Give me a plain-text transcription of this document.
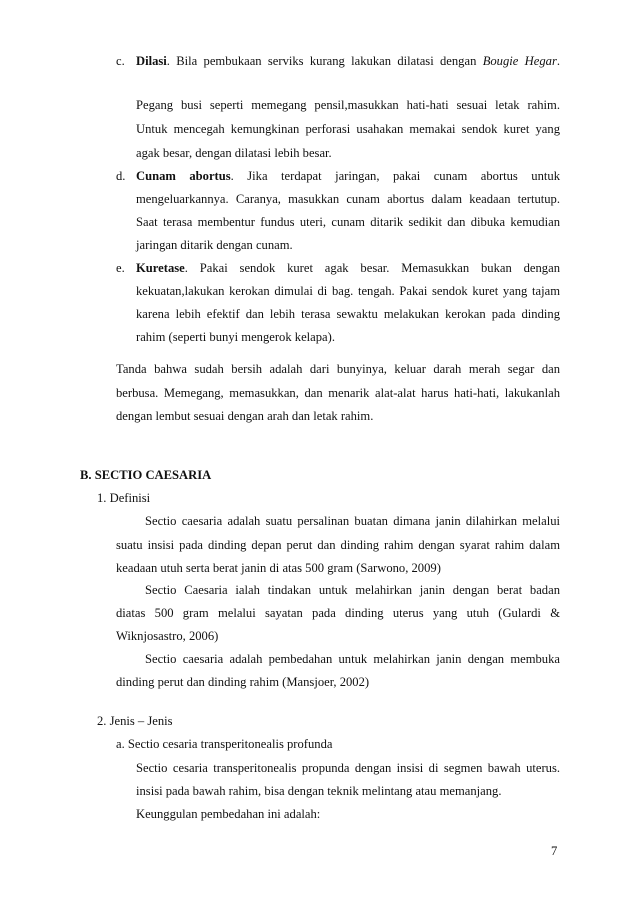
c. Dilasi. Bila pembukaan serviks kurang lakukan dilatasi dengan Bougie Hegar.
Pegang busi seperti memegang pensil,masukkan hati-hati sesuai letak rahim.
Untuk mencegah kemungkinan perforasi usahakan memakai sendok kuret yang
agak besar, dengan dilatasi lebih besar.
d. Cunam abortus. Jika terdapat jaringan, pakai cunam abortus untuk
mengeluarkannya. Caranya, masukkan cunam abortus dalam keadaan tertutup.
Saat terasa membentur fundus uteri, cunam ditarik sedikit dan dibuka kemudian
jaringan ditarik dengan cunam.
e. Kuretase. Pakai sendok kuret agak besar. Memasukkan bukan dengan
kekuatan,lakukan kerokan dimulai di bag. tengah. Pakai sendok kuret yang tajam
karena lebih efektif dan lebih terasa sewaktu melakukan kerokan pada dinding
rahim (seperti bunyi mengerok kelapa).
Tanda bahwa sudah bersih adalah dari bunyinya, keluar darah merah segar dan
berbusa. Memegang, memasukkan, dan menarik alat-alat harus hati-hati, lakukanlah
dengan lembut sesuai dengan arah dan letak rahim.
B. SECTIO CAESARIA
1. Definisi
Sectio caesaria adalah suatu persalinan buatan dimana janin dilahirkan melalui
suatu insisi pada dinding depan perut dan dinding rahim dengan syarat rahim dalam
keadaan utuh serta berat janin di atas 500 gram (Sarwono, 2009)
Sectio Caesaria ialah tindakan untuk melahirkan janin dengan berat badan
diatas 500 gram melalui sayatan pada dinding uterus yang utuh (Gulardi &
Wiknjosastro, 2006)
Sectio caesaria adalah pembedahan untuk melahirkan janin dengan membuka
dinding perut dan dinding rahim (Mansjoer, 2002)
2. Jenis – Jenis
a. Sectio cesaria transperitonealis profunda
Sectio cesaria transperitonealis propunda dengan insisi di segmen bawah uterus.
insisi pada bawah rahim, bisa dengan teknik melintang atau memanjang.
Keunggulan pembedahan ini adalah:
7
